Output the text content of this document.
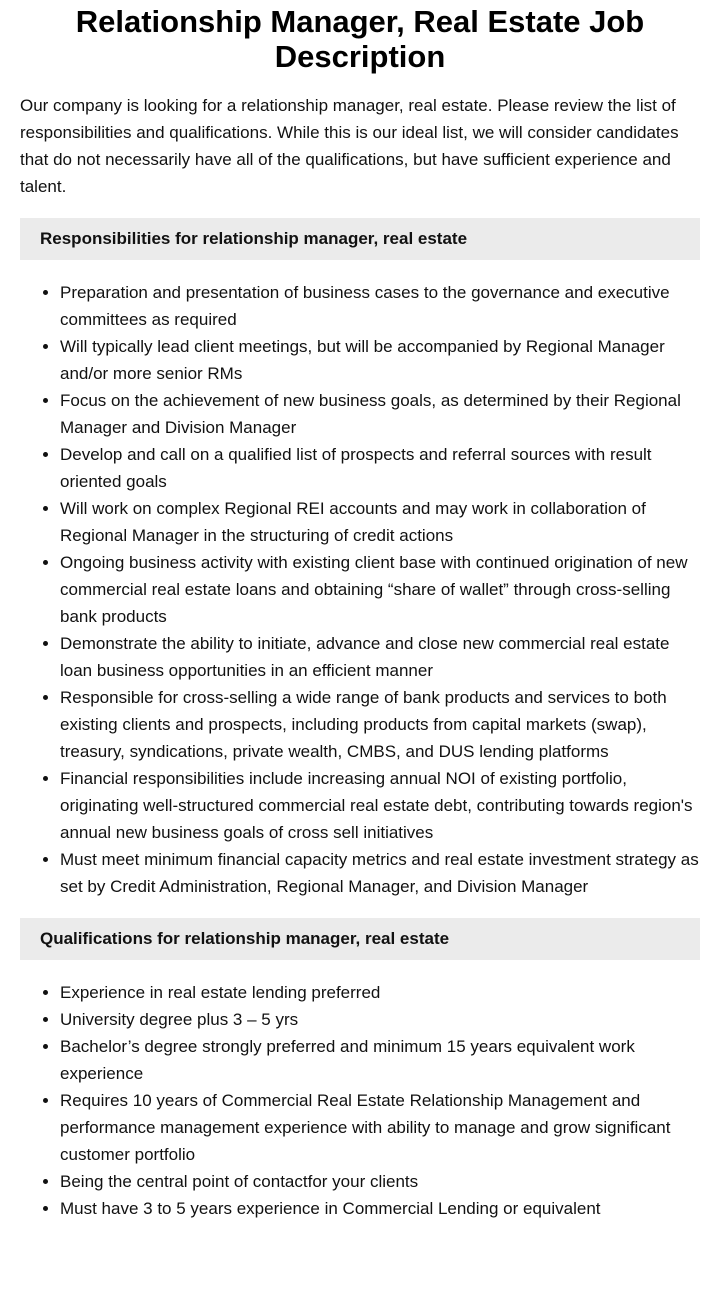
Relationship Manager, Real Estate Job Description

Our company is looking for a relationship manager, real estate. Please review the list of responsibilities and qualifications. While this is our ideal list, we will consider candidates that do not necessarily have all of the qualifications, but have sufficient experience and talent.

Responsibilities for relationship manager, real estate
• Preparation and presentation of business cases to the governance and executive committees as required
• Will typically lead client meetings, but will be accompanied by Regional Manager and/or more senior RMs
• Focus on the achievement of new business goals, as determined by their Regional Manager and Division Manager
• Develop and call on a qualified list of prospects and referral sources with result oriented goals
• Will work on complex Regional REI accounts and may work in collaboration of Regional Manager in the structuring of credit actions
• Ongoing business activity with existing client base with continued origination of new commercial real estate loans and obtaining “share of wallet” through cross-selling bank products
• Demonstrate the ability to initiate, advance and close new commercial real estate loan business opportunities in an efficient manner
• Responsible for cross-selling a wide range of bank products and services to both existing clients and prospects, including products from capital markets (swap), treasury, syndications, private wealth, CMBS, and DUS lending platforms
• Financial responsibilities include increasing annual NOI of existing portfolio, originating well-structured commercial real estate debt, contributing towards region's annual new business goals of cross sell initiatives
• Must meet minimum financial capacity metrics and real estate investment strategy as set by Credit Administration, Regional Manager, and Division Manager
Qualifications for relationship manager, real estate
• Experience in real estate lending preferred
• University degree plus 3 – 5 yrs
• Bachelor’s degree strongly preferred and minimum 15 years equivalent work experience
• Requires 10 years of Commercial Real Estate Relationship Management and performance management experience with ability to manage and grow significant customer portfolio
• Being the central point of contactfor your clients
• Must have 3 to 5 years experience in Commercial Lending or equivalent
